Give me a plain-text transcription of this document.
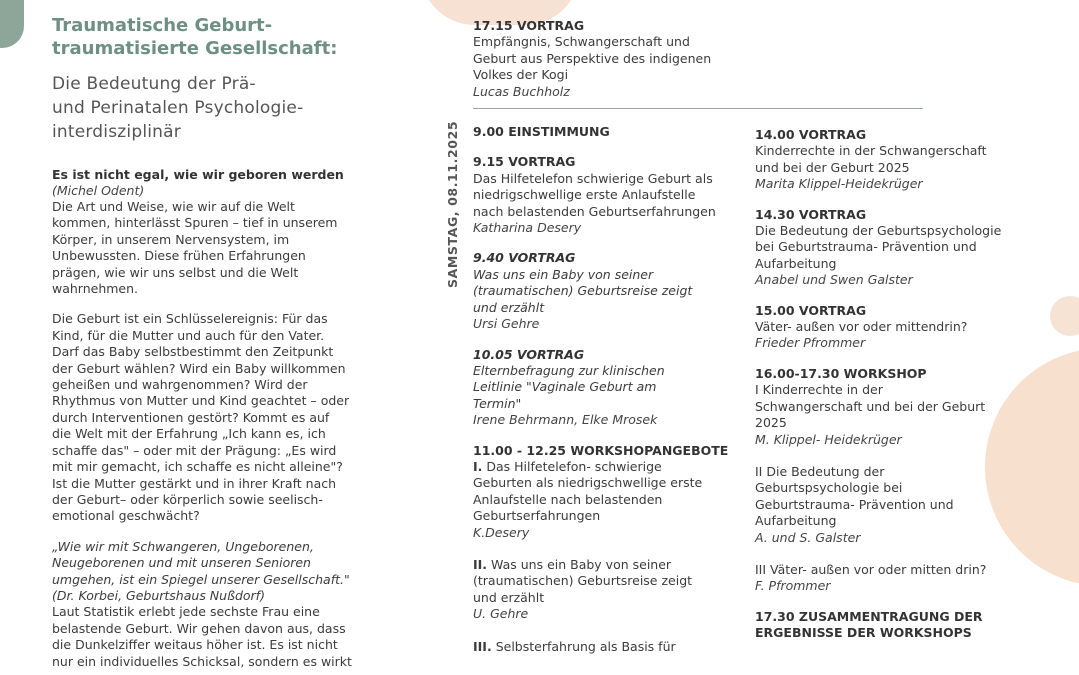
Traumatische Geburt-
traumatisierte Gesellschaft:

Die Bedeutung der Prä-
und Perinatalen Psychologie-
interdisziplinär

Es ist nicht egal, wie wir geboren werden
(Michel Odent)

Die Art und Weise, wie wir auf die Welt
kommen, hinterlässt Spuren – tief in unserem
Körper, in unserem Nervensystem, im
Unbewussten. Diese frühen Erfahrungen
prägen, wie wir uns selbst und die Welt
wahrnehmen.

Die Geburt ist ein Schlüsselereignis: Für das
Kind, für die Mutter und auch für den Vater.
Darf das Baby selbstbestimmt den Zeitpunkt
der Geburt wählen? Wird ein Baby willkommen
geheißen und wahrgenommen? Wird der
Rhythmus von Mutter und Kind geachtet – oder
durch Interventionen gestört? Kommt es auf
die Welt mit der Erfahrung „Ich kann es, ich
schaffe das" – oder mit der Prägung: „Es wird
mit mir gemacht, ich schaffe es nicht alleine"?
Ist die Mutter gestärkt und in ihrer Kraft nach
der Geburt– oder körperlich sowie seelisch-
emotional geschwächt?

„Wie wir mit Schwangeren, Ungeborenen,
Neugeborenen und mit unseren Senioren
umgehen, ist ein Spiegel unserer Gesellschaft."
(Dr. Korbei, Geburtshaus Nußdorf)

Laut Statistik erlebt jede sechste Frau eine
belastende Geburt. Wir gehen davon aus, dass
die Dunkelziffer weitaus höher ist. Es ist nicht
nur ein individuelles Schicksal, sondern es wirkt

SAMSTAG, 08.11.2025
17.15 VORTRAG
Empfängnis, Schwangerschaft und
Geburt aus Perspektive des indigenen
Volkes der Kogi
Lucas Buchholz
9.00 EINSTIMMUNG
9.15 VORTRAG
Das Hilfetelefon schwierige Geburt als
niedrigschwellige erste Anlaufstelle
nach belastenden Geburtserfahrungen
Katharina Desery
9.40 VORTRAG
Was uns ein Baby von seiner
(traumatischen) Geburtsreise zeigt
und erzählt
Ursi Gehre
10.05 VORTRAG
Elternbefragung zur klinischen
Leitlinie "Vaginale Geburt am
Termin"
Irene Behrmann, Elke Mrosek
11.00 - 12.25 WORKSHOPANGEBOTE
I. Das Hilfetelefon- schwierige
Geburten als niedrigschwellige erste
Anlaufstelle nach belastenden
Geburtserfahrungen
K.Desery
II. Was uns ein Baby von seiner
(traumatischen) Geburtsreise zeigt
und erzählt
U. Gehre
III. Selbsterfahrung als Basis für
14.00 VORTRAG
Kinderrechte in der Schwangerschaft
und bei der Geburt 2025
Marita Klippel-Heidekrüger
14.30 VORTRAG
Die Bedeutung der Geburtspsychologie
bei Geburtstrauma- Prävention und
Aufarbeitung
Anabel und Swen Galster
15.00 VORTRAG
Väter- außen vor oder mittendrin?
Frieder Pfrommer
16.00-17.30 WORKSHOP
I Kinderrechte in der
Schwangerschaft und bei der Geburt
2025
M. Klippel- Heidekrüger
II Die Bedeutung der
Geburtspsychologie bei
Geburtstrauma- Prävention und
Aufarbeitung
A. und S. Galster
III Väter- außen vor oder mitten drin?
F. Pfrommer
17.30 ZUSAMMENTRAGUNG DER
ERGEBNISSE DER WORKSHOPS
